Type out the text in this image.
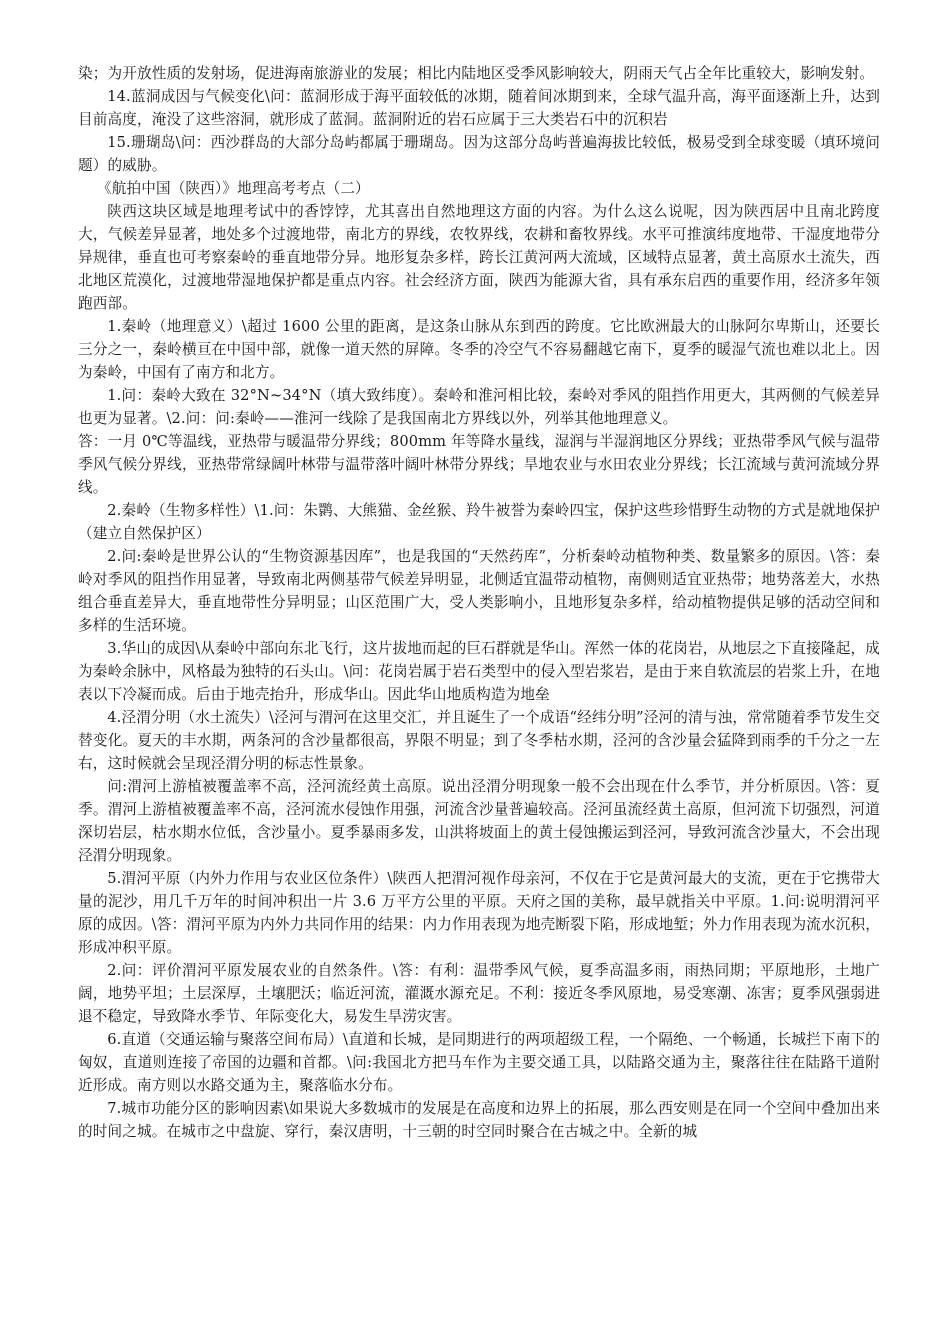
染；为开放性质的发射场，促进海南旅游业的发展；相比内陆地区受季风影响较大，阴雨天气占全年比重较大，影响发射。

14.蓝洞成因与气候变化\问：蓝洞形成于海平面较低的冰期，随着间冰期到来，全球气温升高，海平面逐渐上升，达到目前高度，淹没了这些溶洞，就形成了蓝洞。蓝洞附近的岩石应属于三大类岩石中的沉积岩

15.珊瑚岛\问：西沙群岛的大部分岛屿都属于珊瑚岛。因为这部分岛屿普遍海拔比较低，极易受到全球变暖（填环境问题）的威胁。

《航拍中国（陕西）》地理高考考点（二）

陕西这块区域是地理考试中的香饽饽，尤其喜出自然地理这方面的内容。为什么这么说呢，因为陕西居中且南北跨度大，气候差异显著，地处多个过渡地带，南北方的界线，农牧界线，农耕和畜牧界线。水平可推演纬度地带、干湿度地带分异规律，垂直也可考察秦岭的垂直地带分异。地形复杂多样，跨长江黄河两大流域，区域特点显著，黄土高原水土流失，西北地区荒漠化，过渡地带湿地保护都是重点内容。社会经济方面，陕西为能源大省，具有承东启西的重要作用，经济多年领跑西部。

1.秦岭（地理意义）\超过 1600 公里的距离，是这条山脉从东到西的跨度。它比欧洲最大的山脉阿尔卑斯山，还要长三分之一，秦岭横亘在中国中部，就像一道天然的屏障。冬季的冷空气不容易翻越它南下，夏季的暖湿气流也难以北上。因为秦岭，中国有了南方和北方。

1.问：秦岭大致在 32°N~34°N（填大致纬度）。秦岭和淮河相比较，秦岭对季风的阻挡作用更大，其两侧的气候差异也更为显著。\2.问：问:秦岭——淮河一线除了是我国南北方界线以外，列举其他地理意义。

答：一月 0℃等温线，亚热带与暖温带分界线；800mm 年等降水量线，湿润与半湿润地区分界线；亚热带季风气候与温带季风气候分界线，亚热带常绿阔叶林带与温带落叶阔叶林带分界线；旱地农业与水田农业分界线；长江流域与黄河流域分界线。

2.秦岭（生物多样性）\1.问：朱鹮、大熊猫、金丝猴、羚牛被誉为秦岭四宝，保护这些珍惜野生动物的方式是就地保护（建立自然保护区）

2.问:秦岭是世界公认的“生物资源基因库”，也是我国的“天然药库”，分析秦岭动植物种类、数量繁多的原因。\答：秦岭对季风的阻挡作用显著，导致南北两侧基带气候差异明显，北侧适宜温带动植物，南侧则适宜亚热带；地势落差大，水热组合垂直差异大，垂直地带性分异明显；山区范围广大，受人类影响小，且地形复杂多样，给动植物提供足够的活动空间和多样的生活环境。

3.华山的成因\从秦岭中部向东北飞行，这片拔地而起的巨石群就是华山。浑然一体的花岗岩，从地层之下直接隆起，成为秦岭余脉中，风格最为独特的石头山。\问：花岗岩属于岩石类型中的侵入型岩浆岩，是由于来自软流层的岩浆上升，在地表以下冷凝而成。后由于地壳抬升，形成华山。因此华山地质构造为地垒

4.泾渭分明（水土流失）\泾河与渭河在这里交汇，并且诞生了一个成语“经纬分明”泾河的清与浊，常常随着季节发生交替变化。夏天的丰水期，两条河的含沙量都很高，界限不明显；到了冬季枯水期，泾河的含沙量会猛降到雨季的千分之一左右，这时候就会呈现泾渭分明的标志性景象。

问:渭河上游植被覆盖率不高，泾河流经黄土高原。说出泾渭分明现象一般不会出现在什么季节，并分析原因。\答：夏季。渭河上游植被覆盖率不高，泾河流水侵蚀作用强，河流含沙量普遍较高。泾河虽流经黄土高原，但河流下切强烈，河道深切岩层，枯水期水位低，含沙量小。夏季暴雨多发，山洪将坡面上的黄土侵蚀搬运到泾河，导致河流含沙量大，不会出现泾渭分明现象。

5.渭河平原（内外力作用与农业区位条件）\陕西人把渭河视作母亲河，不仅在于它是黄河最大的支流，更在于它携带大量的泥沙，用几千万年的时间冲积出一片 3.6 万平方公里的平原。天府之国的美称，最早就指关中平原。1.问:说明渭河平原的成因。\答：渭河平原为内外力共同作用的结果：内力作用表现为地壳断裂下陷，形成地堑；外力作用表现为流水沉积，形成冲积平原。

2.问：评价渭河平原发展农业的自然条件。\答：有利：温带季风气候，夏季高温多雨，雨热同期；平原地形，土地广阔，地势平坦；土层深厚，土壤肥沃；临近河流，灌溉水源充足。不利：接近冬季风原地，易受寒潮、冻害；夏季风强弱进退不稳定，导致降水季节、年际变化大，易发生旱涝灾害。

6.直道（交通运输与聚落空间布局）\直道和长城，是同期进行的两项超级工程，一个隔绝、一个畅通，长城拦下南下的匈奴，直道则连接了帝国的边疆和首都。\问:我国北方把马车作为主要交通工具，以陆路交通为主，聚落往往在陆路干道附近形成。南方则以水路交通为主，聚落临水分布。

7.城市功能分区的影响因素\如果说大多数城市的发展是在高度和边界上的拓展，那么西安则是在同一个空间中叠加出来的时间之城。在城市之中盘旋、穿行，秦汉唐明，十三朝的时空同时聚合在古城之中。全新的城
